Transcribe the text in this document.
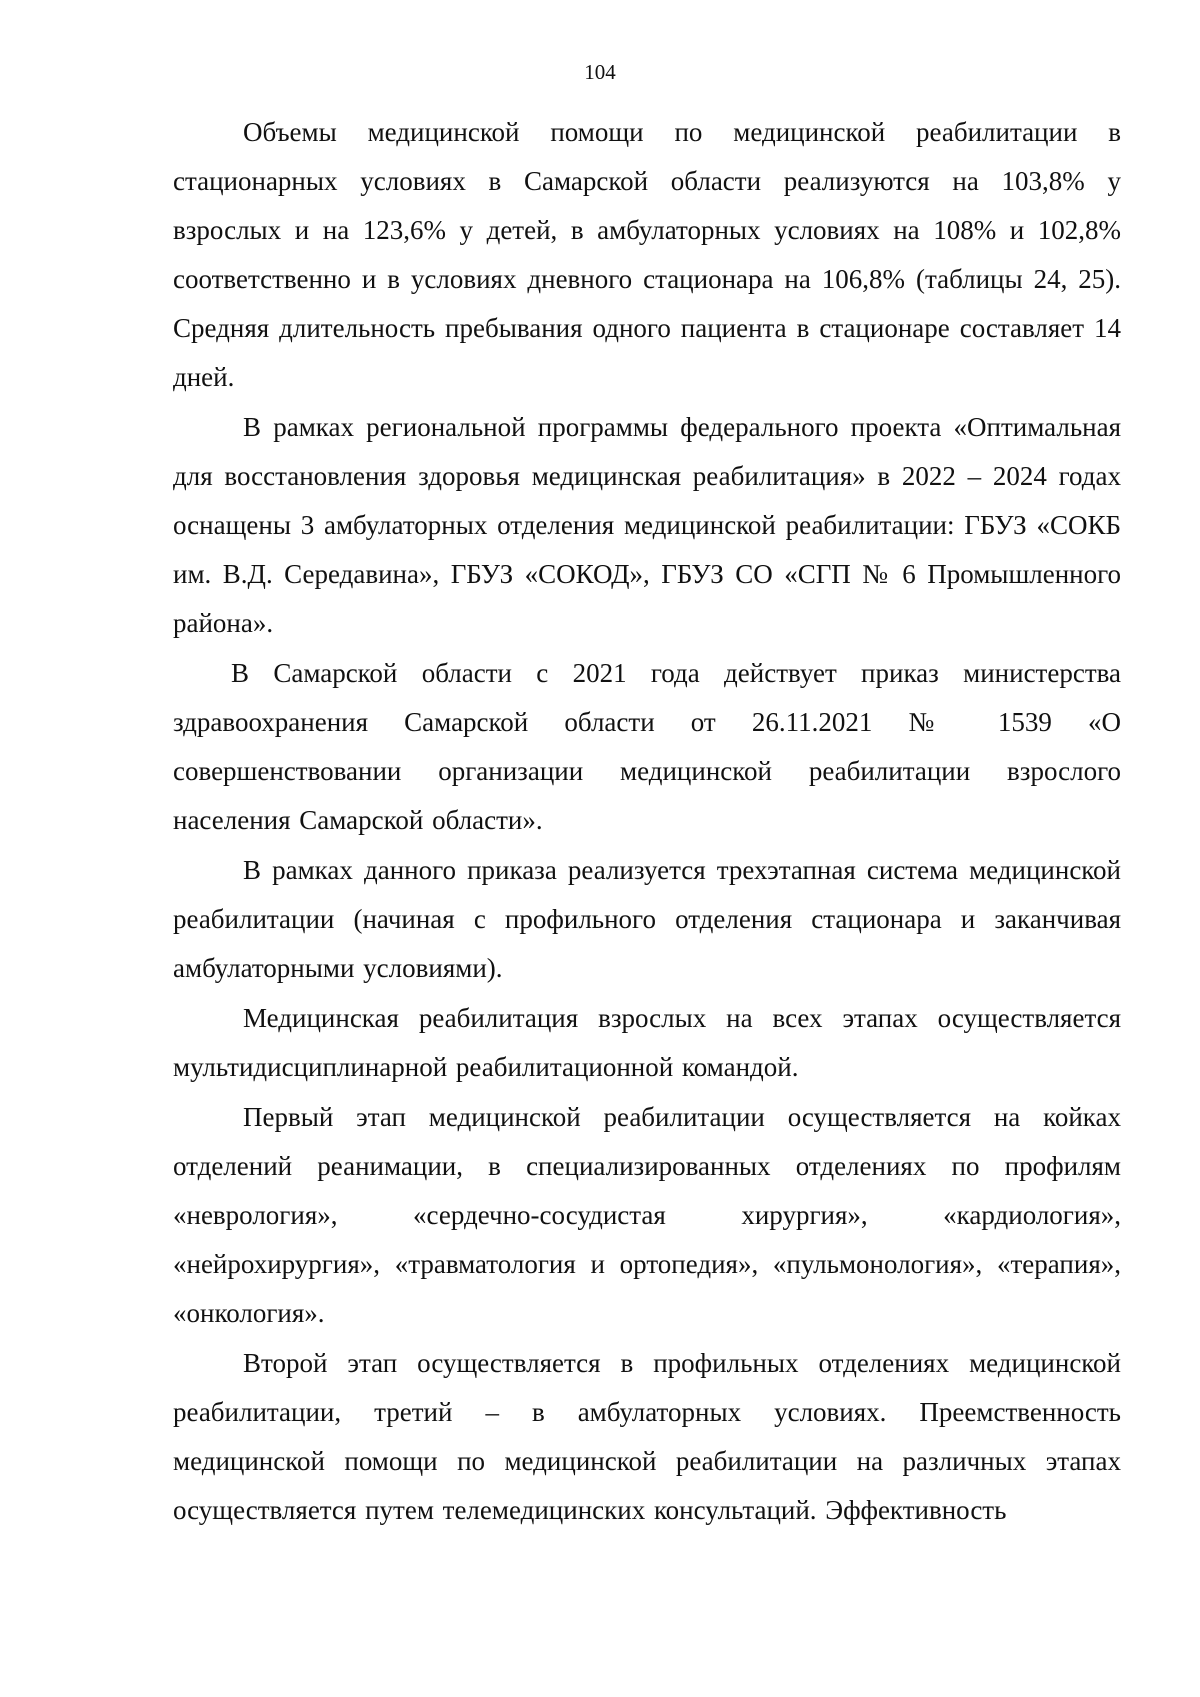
104

Объемы медицинской помощи по медицинской реабилитации в стационарных условиях в Самарской области реализуются на 103,8% у взрослых и на 123,6% у детей, в амбулаторных условиях на 108% и 102,8% соответственно и в условиях дневного стационара на 106,8% (таблицы 24, 25). Средняя длительность пребывания одного пациента в стационаре составляет 14 дней.

В рамках региональной программы федерального проекта «Оптимальная для восстановления здоровья медицинская реабилитация» в 2022 – 2024 годах оснащены 3 амбулаторных отделения медицинской реабилитации: ГБУЗ «СОКБ им. В.Д. Середавина», ГБУЗ «СОКОД», ГБУЗ СО «СГП № 6 Промышленного района».

В Самарской области с 2021 года действует приказ министерства здравоохранения Самарской области от 26.11.2021 № 1539 «О совершенствовании организации медицинской реабилитации взрослого населения Самарской области».

В рамках данного приказа реализуется трехэтапная система медицинской реабилитации (начиная с профильного отделения стационара и заканчивая амбулаторными условиями).

Медицинская реабилитация взрослых на всех этапах осуществляется мультидисциплинарной реабилитационной командой.

Первый этап медицинской реабилитации осуществляется на койках отделений реанимации, в специализированных отделениях по профилям «неврология», «сердечно-сосудистая хирургия», «кардиология», «нейрохирургия», «травматология и ортопедия», «пульмонология», «терапия», «онкология».

Второй этап осуществляется в профильных отделениях медицинской реабилитации, третий – в амбулаторных условиях. Преемственность медицинской помощи по медицинской реабилитации на различных этапах осуществляется путем телемедицинских консультаций. Эффективность
